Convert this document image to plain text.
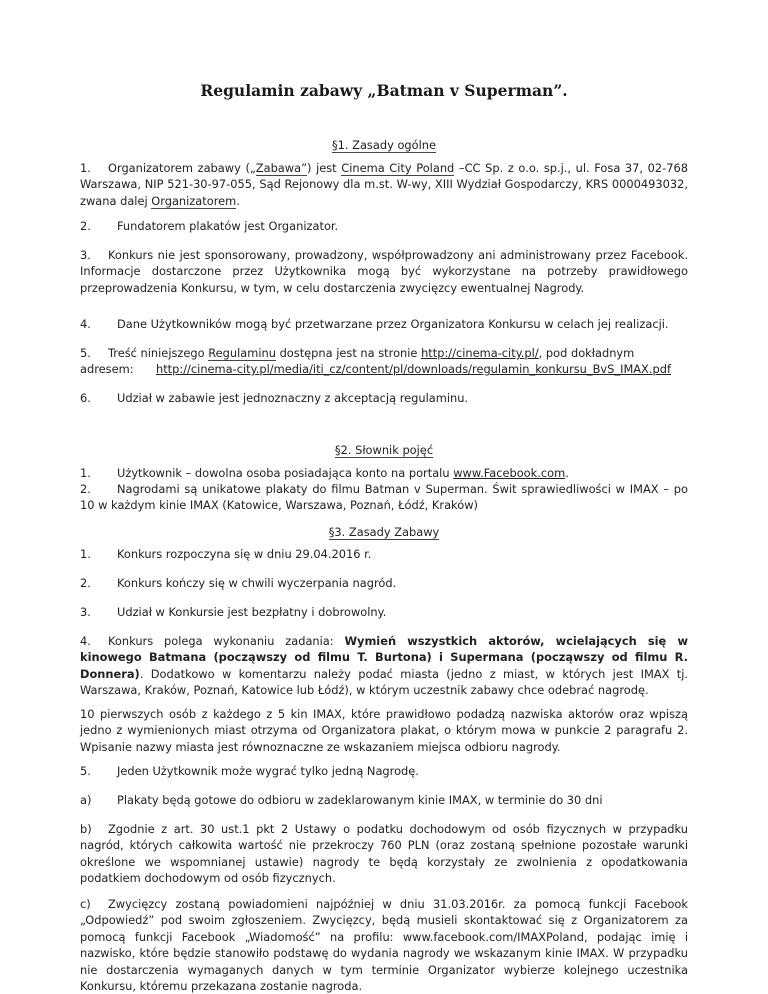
Regulamin zabawy „Batman v Superman”.
§1. Zasady ogólne

1. Organizatorem zabawy („Zabawa”) jest Cinema City Poland –CC Sp. z o.o. sp.j., ul. Fosa 37, 02-768 Warszawa, NIP 521-30-97-055, Sąd Rejonowy dla m.st. W-wy, XIII Wydział Gospodarczy, KRS 0000493032, zwana dalej Organizatorem.

2. Fundatorem plakatów jest Organizator.

3. Konkurs nie jest sponsorowany, prowadzony, współprowadzony ani administrowany przez Facebook. Informacje dostarczone przez Użytkownika mogą być wykorzystane na potrzeby prawidłowego przeprowadzenia Konkursu, w tym, w celu dostarczenia zwycięzcy ewentualnej Nagrody.

4. Dane Użytkowników mogą być przetwarzane przez Organizatora Konkursu w celach jej realizacji.

5. Treść niniejszego Regulaminu dostępna jest na stronie http://cinema-city.pl/, pod dokładnym

adresem: http://cinema-city.pl/media/iti_cz/content/pl/downloads/regulamin_konkursu_BvS_IMAX.pdf

6. Udział w zabawie jest jednoznaczny z akceptacją regulaminu.

§2. Słownik pojęć

1. Użytkownik – dowolna osoba posiadająca konto na portalu www.Facebook.com.

2. Nagrodami są unikatowe plakaty do filmu Batman v Superman. Świt sprawiedliwości w IMAX – po 10 w każdym kinie IMAX (Katowice, Warszawa, Poznań, Łódź, Kraków)

§3. Zasady Zabawy

1. Konkurs rozpoczyna się w dniu 29.04.2016 r.

2. Konkurs kończy się w chwili wyczerpania nagród.

3. Udział w Konkursie jest bezpłatny i dobrowolny.

4. Konkurs polega wykonaniu zadania: Wymień wszystkich aktorów, wcielających się w kinowego Batmana (począwszy od filmu T. Burtona) i Supermana (począwszy od filmu R. Donnera). Dodatkowo w komentarzu należy podać miasta (jedno z miast, w których jest IMAX tj. Warszawa, Kraków, Poznań, Katowice lub Łódź), w którym uczestnik zabawy chce odebrać nagrodę.

10 pierwszych osób z każdego z 5 kin IMAX, które prawidłowo podadzą nazwiska aktorów oraz wpiszą jedno z wymienionych miast otrzyma od Organizatora plakat, o którym mowa w punkcie 2 paragrafu 2. Wpisanie nazwy miasta jest równoznaczne ze wskazaniem miejsca odbioru nagrody.

5. Jeden Użytkownik może wygrać tylko jedną Nagrodę.

a) Plakaty będą gotowe do odbioru w zadeklarowanym kinie IMAX, w terminie do 30 dni

b) Zgodnie z art. 30 ust.1 pkt 2 Ustawy o podatku dochodowym od osób fizycznych w przypadku nagród, których całkowita wartość nie przekroczy 760 PLN (oraz zostaną spełnione pozostałe warunki określone we wspomnianej ustawie) nagrody te będą korzystały ze zwolnienia z opodatkowania podatkiem dochodowym od osób fizycznych.

c) Zwycięzcy zostaną powiadomieni najpóźniej w dniu 31.03.2016r. za pomocą funkcji Facebook „Odpowiedź” pod swoim zgłoszeniem. Zwycięzcy, będą musieli skontaktować się z Organizatorem za pomocą funkcji Facebook „Wiadomość” na profilu: www.facebook.com/IMAXPoland, podając imię i nazwisko, które będzie stanowiło podstawę do wydania nagrody we wskazanym kinie IMAX. W przypadku nie dostarczenia wymaganych danych w tym terminie Organizator wybierze kolejnego uczestnika Konkursu, któremu przekazana zostanie nagroda.
